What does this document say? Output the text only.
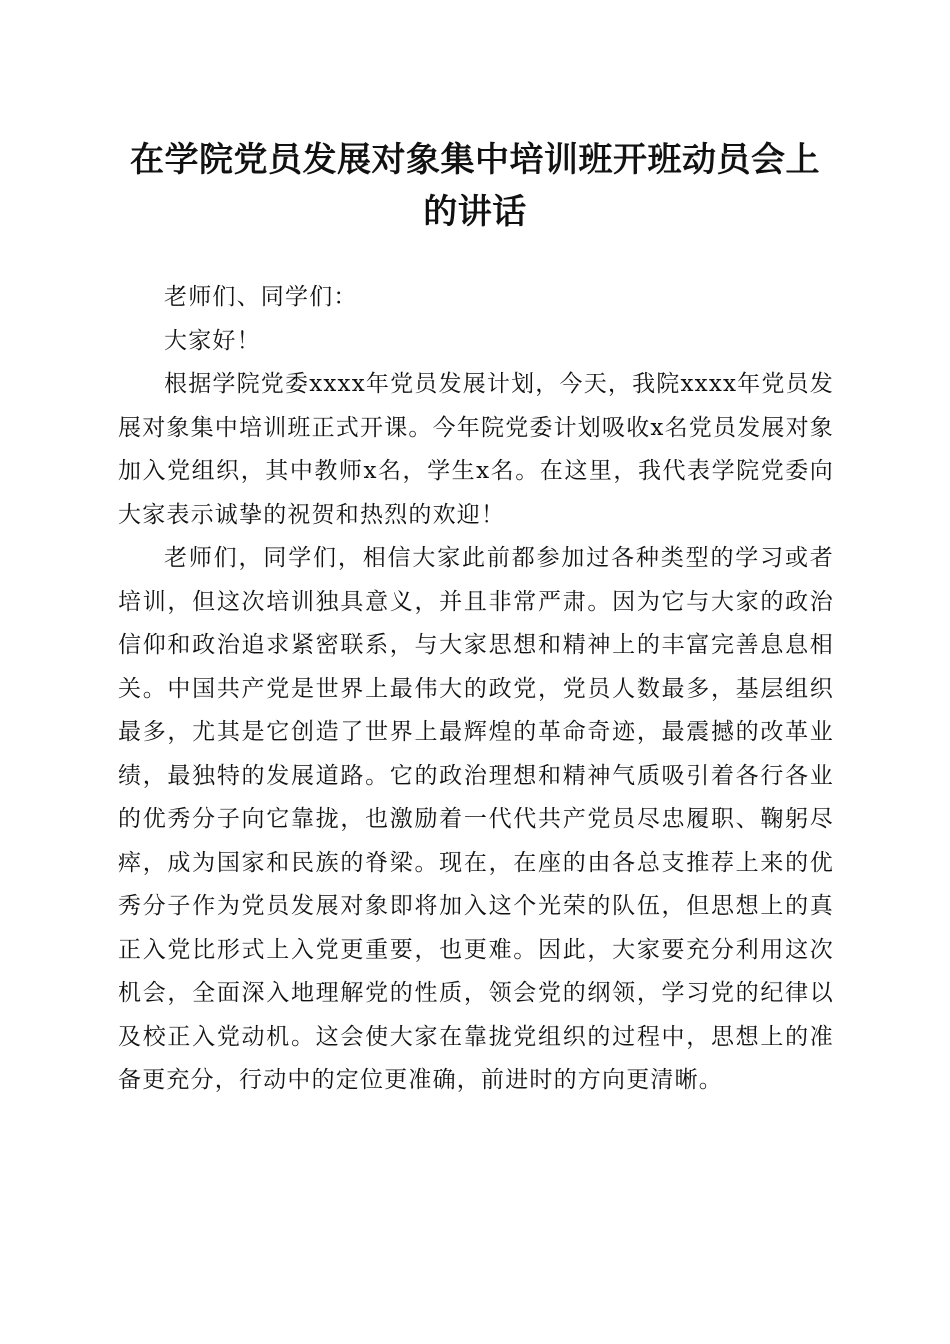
在学院党员发展对象集中培训班开班动员会上
的讲话

老师们、同学们：

大家好！

根据学院党委xxxx年党员发展计划，今天，我院xxxx年党员发展对象集中培训班正式开课。今年院党委计划吸收x名党员发展对象加入党组织，其中教师x名，学生x名。在这里，我代表学院党委向大家表示诚挚的祝贺和热烈的欢迎！

老师们，同学们，相信大家此前都参加过各种类型的学习或者培训，但这次培训独具意义，并且非常严肃。因为它与大家的政治信仰和政治追求紧密联系，与大家思想和精神上的丰富完善息息相关。中国共产党是世界上最伟大的政党，党员人数最多，基层组织最多，尤其是它创造了世界上最辉煌的革命奇迹，最震撼的改革业绩，最独特的发展道路。它的政治理想和精神气质吸引着各行各业的优秀分子向它靠拢，也激励着一代代共产党员尽忠履职、鞠躬尽瘁，成为国家和民族的脊梁。现在，在座的由各总支推荐上来的优秀分子作为党员发展对象即将加入这个光荣的队伍，但思想上的真正入党比形式上入党更重要，也更难。因此，大家要充分利用这次机会，全面深入地理解党的性质，领会党的纲领，学习党的纪律以及校正入党动机。这会使大家在靠拢党组织的过程中，思想上的准备更充分，行动中的定位更准确，前进时的方向更清晰。
